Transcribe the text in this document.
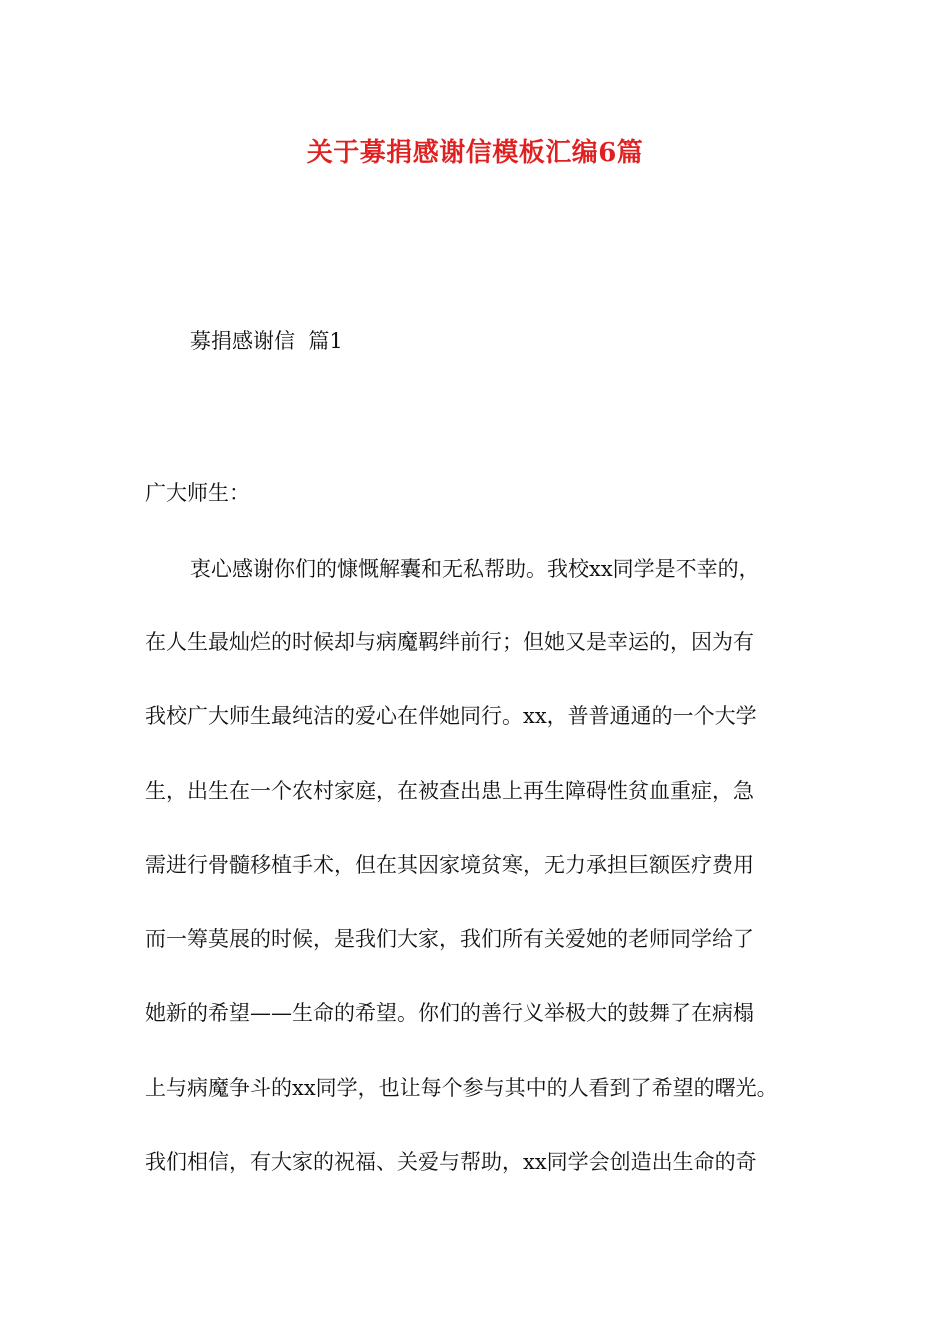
关于募捐感谢信模板汇编6篇
募捐感谢信  篇1
广大师生：
衷心感谢你们的慷慨解囊和无私帮助。我校xx同学是不幸的，
在人生最灿烂的时候却与病魔羁绊前行；但她又是幸运的，因为有
我校广大师生最纯洁的爱心在伴她同行。xx，普普通通的一个大学
生，出生在一个农村家庭，在被查出患上再生障碍性贫血重症，急
需进行骨髓移植手术，但在其因家境贫寒，无力承担巨额医疗费用
而一筹莫展的时候，是我们大家，我们所有关爱她的老师同学给了
她新的希望——生命的希望。你们的善行义举极大的鼓舞了在病榻
上与病魔争斗的xx同学，也让每个参与其中的人看到了希望的曙光。
我们相信，有大家的祝福、关爱与帮助，xx同学会创造出生命的奇
